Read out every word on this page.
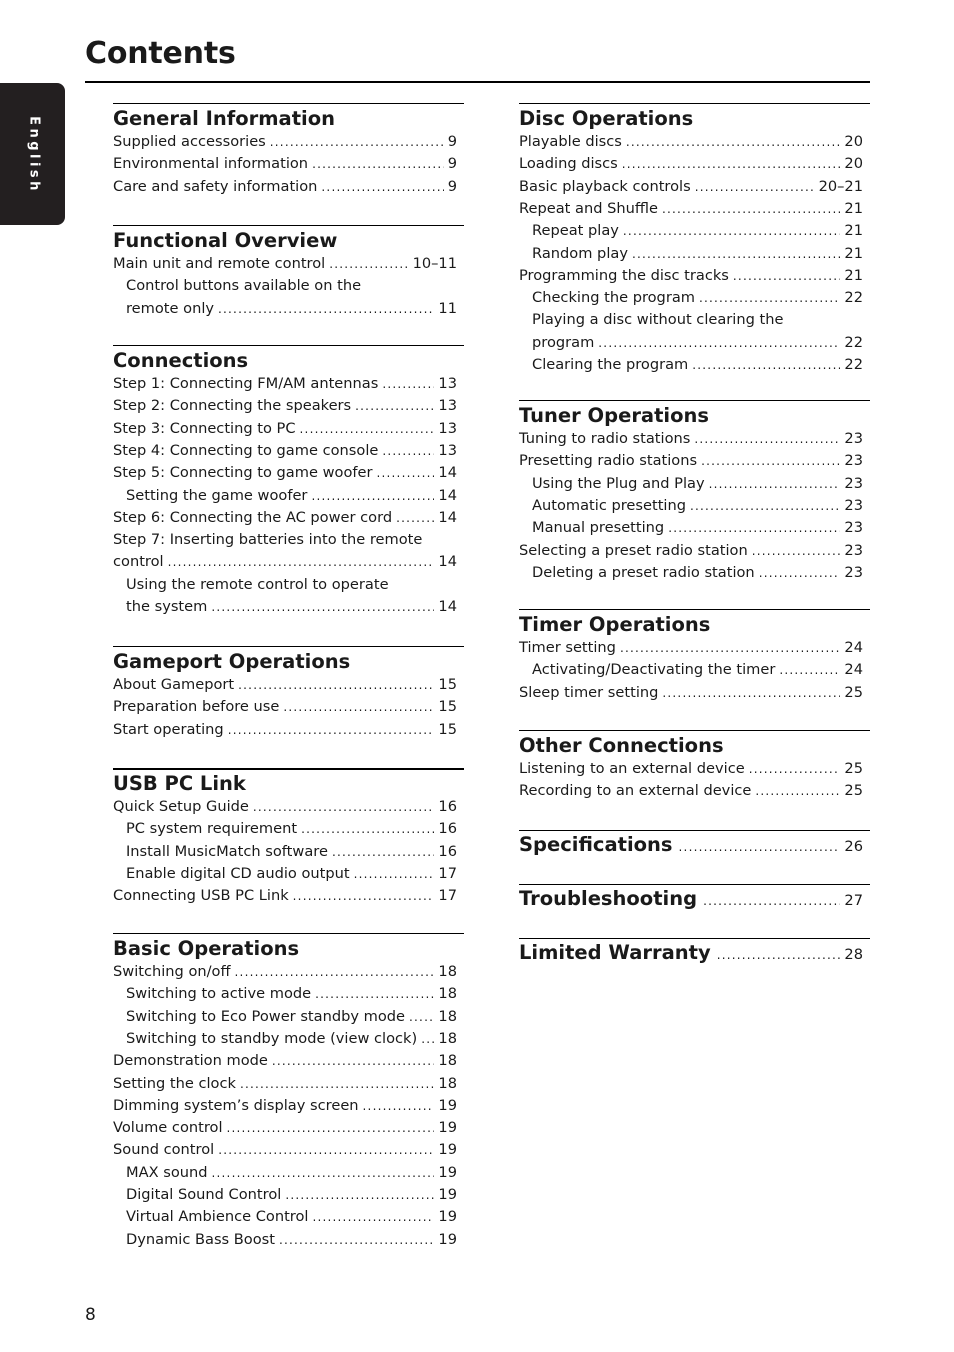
Contents
English	General Information
Supplied accessories .....	9
Environmental information .....	9
Care and safety information .....	9
Functional Overview
Main unit and remote control .....	10–11
Control buttons available on the
remote only .....	11
Connections
Step 1: Connecting FM/AM antennas .....	13
Step 2: Connecting the speakers .....	13
Step 3: Connecting to PC .....	13
Step 4: Connecting to game console .....	13
Step 5: Connecting to game woofer .....	14
Setting the game woofer .....	14
Step 6: Connecting the AC power cord .....	14
Step 7: Inserting batteries into the remote
control .....	14
Using the remote control to operate
the system .....	14
Gameport Operations
About Gameport .....	15
Preparation before use .....	15
Start operating .....	15
USB PC Link
Quick Setup Guide .....	16
PC system requirement .....	16
Install MusicMatch software .....	16
Enable digital CD audio output .....	17
Connecting USB PC Link .....	17
Basic Operations
Switching on/off .....	18
Switching to active mode .....	18
Switching to Eco Power standby mode ..... 18
Switching to standby mode (view clock) ..... 18
Demonstration mode .....	18
Setting the clock .....	18
Dimming system’s display screen .....	19
Volume control .....	19
Sound control .....	19
MAX sound .....	19
Digital Sound Control .....	19
Virtual Ambience Control .....	19
Dynamic Bass Boost .....	19
Disc Operations
Playable discs .....	20
Loading discs .....	20
Basic playback controls .....	20–21
Repeat and Shuffle .....	21
Repeat play .....	21
Random play .....	21
Programming the disc tracks .....	21
Checking the program .....	22
Playing a disc without clearing the
program .....	22
Clearing the program .....	22
Tuner Operations
Tuning to radio stations .....	23
Presetting radio stations .....	23
Using the Plug and Play .....	23
Automatic presetting .....	23
Manual presetting .....	23
Selecting a preset radio station .....	23
Deleting a preset radio station .....	23
Timer Operations
Timer setting .....	24
Activating/Deactivating the timer .....	24
Sleep timer setting .....	25
Other Connections
Listening to an external device .....	25
Recording to an external device .....	25
Specifications .....	26
Troubleshooting .....	27
Limited Warranty .....	28
8
